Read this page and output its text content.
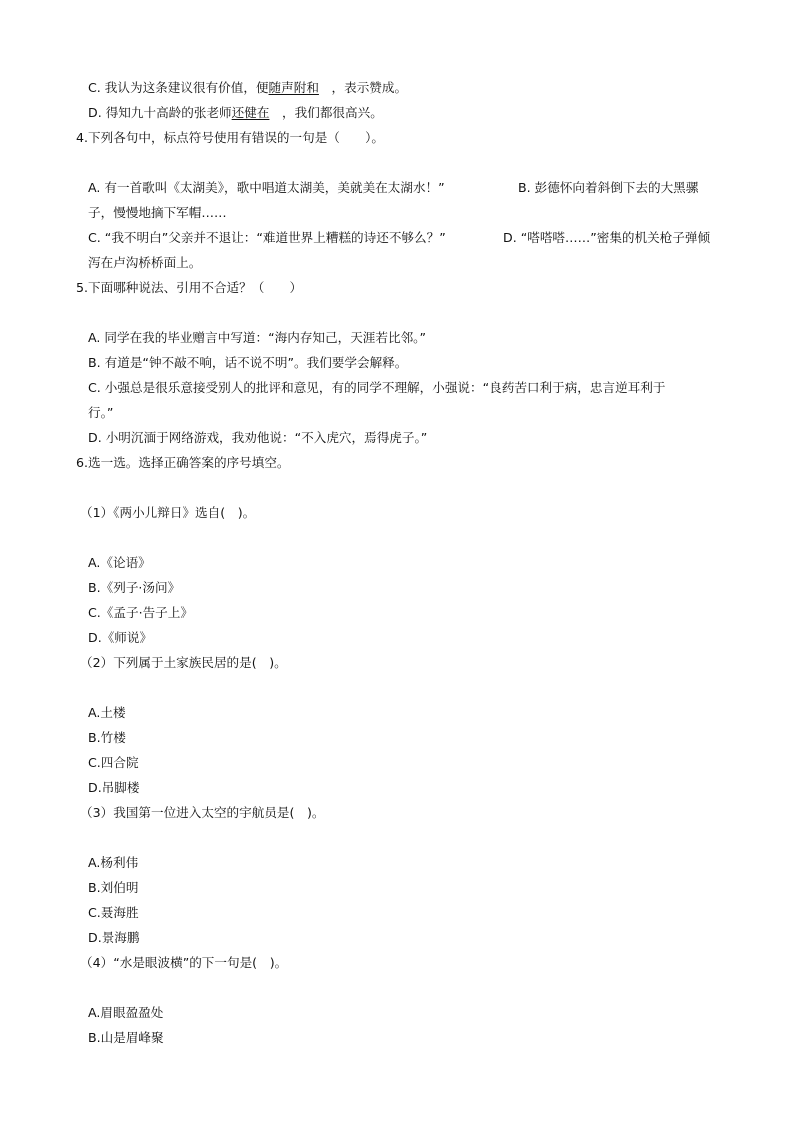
C. 我认为这条建议很有价值，便随声附和　，表示赞成。
D. 得知九十高龄的张老师还健在　，我们都很高兴。
4.下列各句中，标点符号使用有错误的一句是（　　）。
A. 有一首歌叫《太湖美》，歌中唱道太湖美，美就美在太湖水！”	B. 彭德怀向着斜倒下去的大黑骡
子，慢慢地摘下军帽……
C. “我不明白”父亲并不退让：“难道世界上糟糕的诗还不够么？”	D. “嗒嗒嗒……”密集的机关枪子弹倾
泻在卢沟桥桥面上。
5.下面哪种说法、引用不合适？（　　）
A. 同学在我的毕业赠言中写道：“海内存知己，天涯若比邻。”
B. 有道是“钟不敲不响，话不说不明”。我们要学会解释。
C. 小强总是很乐意接受别人的批评和意见，有的同学不理解，小强说：“良药苦口利于病，忠言逆耳利于
行。”
D. 小明沉湎于网络游戏，我劝他说：“不入虎穴，焉得虎子。”
6.选一选。选择正确答案的序号填空。
（1）《两小儿辩日》选自(　)。
A.《论语》
B.《列子·汤问》
C.《孟子·告子上》
D.《师说》
（2）下列属于土家族民居的是(　)。
A.土楼
B.竹楼
C.四合院
D.吊脚楼
（3）我国第一位进入太空的宇航员是(　)。
A.杨利伟
B.刘伯明
C.聂海胜
D.景海鹏
（4）“水是眼波横”的下一句是(　)。
A.眉眼盈盈处
B.山是眉峰聚
